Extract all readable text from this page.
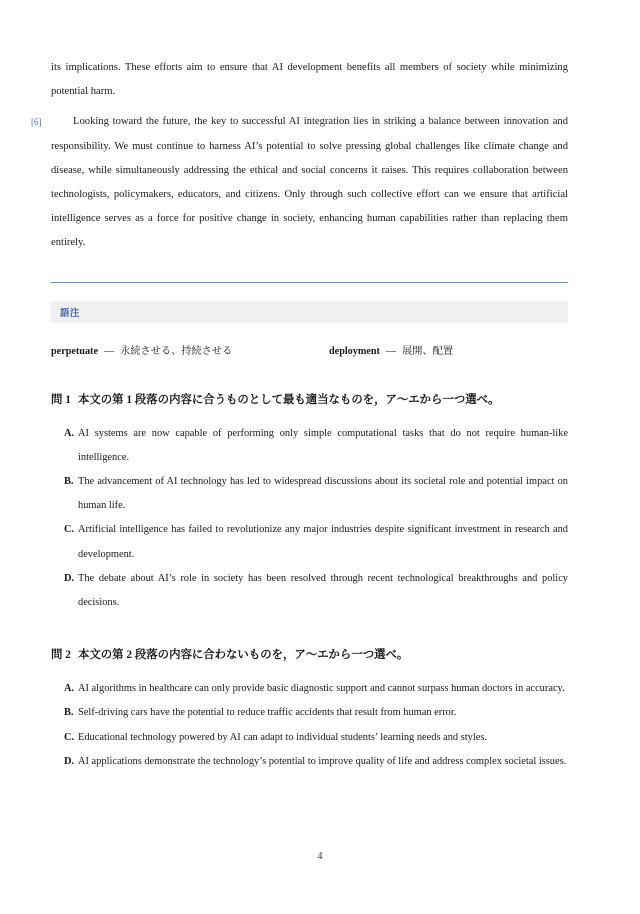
its implications. These efforts aim to ensure that AI development benefits all members of society while minimizing potential harm.

[6]	Looking toward the future, the key to successful AI integration lies in striking a balance between innovation and responsibility. We must continue to harness AI’s potential to solve pressing global challenges like climate change and disease, while simultaneously addressing the ethical and social concerns it raises. This requires collaboration between technologists, policymakers, educators, and citizens. Only through such collective effort can we ensure that artificial intelligence serves as a force for positive change in society, enhancing human capabilities rather than replacing them entirely.
語注
perpetuate — 永続させる、持続させる	deployment — 展開、配置
問 1 本文の第 1 段落の内容に合うものとして最も適当なものを，ア～エから一つ選べ。

A. AI systems are now capable of performing only simple computational tasks that do not require human-like intelligence.

B. The advancement of AI technology has led to widespread discussions about its societal role and potential impact on human life.

C. Artificial intelligence has failed to revolutionize any major industries despite significant investment in research and development.

D. The debate about AI’s role in society has been resolved through recent technological breakthroughs and policy decisions.

問 2 本文の第 2 段落の内容に合わないものを，ア～エから一つ選べ。

A. AI algorithms in healthcare can only provide basic diagnostic support and cannot surpass human doctors in accuracy.

B. Self-driving cars have the potential to reduce traffic accidents that result from human error.

C. Educational technology powered by AI can adapt to individual students’ learning needs and styles.

D. AI applications demonstrate the technology’s potential to improve quality of life and address complex societal issues.

4
